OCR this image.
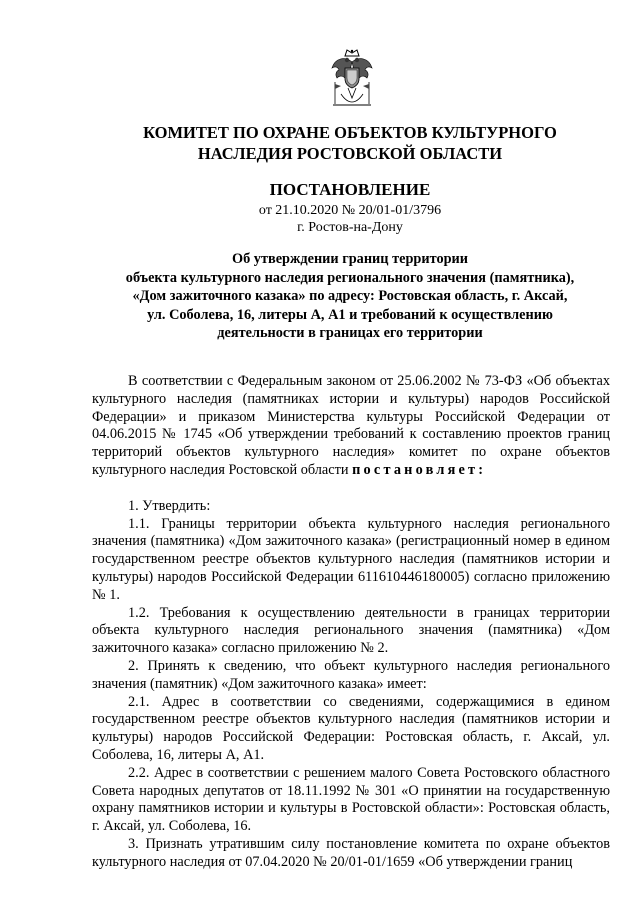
КОМИТЕТ ПО ОХРАНЕ ОБЪЕКТОВ КУЛЬТУРНОГО
НАСЛЕДИЯ РОСТОВСКОЙ ОБЛАСТИ
ПОСТАНОВЛЕНИЕ
от 21.10.2020 № 20/01-01/3796
г. Ростов-на-Дону
Об утверждении границ территории
объекта культурного наследия регионального значения (памятника),
«Дом зажиточного казака» по адресу: Ростовская область, г. Аксай,
ул. Соболева, 16, литеры А, А1 и требований к осуществлению
деятельности в границах его территории

В соответствии с Федеральным законом от 25.06.2002 № 73-ФЗ «Об объектах культурного наследия (памятниках истории и культуры) народов Российской Федерации» и приказом Министерства культуры Российской Федерации от 04.06.2015 № 1745 «Об утверждении требований к составлению проектов границ территорий объектов культурного наследия» комитет по охране объектов культурного наследия Ростовской области постановляет:

1. Утвердить:

1.1. Границы территории объекта культурного наследия регионального значения (памятника) «Дом зажиточного казака» (регистрационный номер в едином государственном реестре объектов культурного наследия (памятников истории и культуры) народов Российской Федерации 611610446180005) согласно приложению № 1.

1.2. Требования к осуществлению деятельности в границах территории объекта культурного наследия регионального значения (памятника) «Дом зажиточного казака» согласно приложению № 2.

2. Принять к сведению, что объект культурного наследия регионального значения (памятник) «Дом зажиточного казака» имеет:

2.1. Адрес в соответствии со сведениями, содержащимися в едином государственном реестре объектов культурного наследия (памятников истории и культуры) народов Российской Федерации: Ростовская область, г. Аксай, ул. Соболева, 16, литеры А, А1.

2.2. Адрес в соответствии с решением малого Совета Ростовского областного Совета народных депутатов от 18.11.1992 № 301 «О принятии на государственную охрану памятников истории и культуры в Ростовской области»: Ростовская область, г. Аксай, ул. Соболева, 16.

3. Признать утратившим силу постановление комитета по охране объектов культурного наследия от 07.04.2020 № 20/01-01/1659 «Об утверждении границ
